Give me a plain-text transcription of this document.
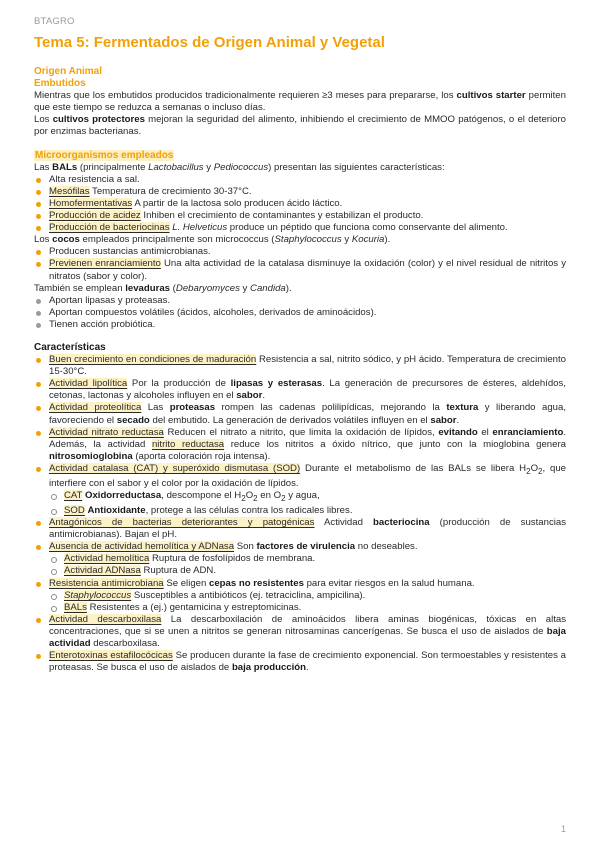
BTAGRO
Tema 5: Fermentados de Origen Animal y Vegetal
Origen Animal
Embutidos

Mientras que los embutidos producidos tradicionalmente requieren ≥3 meses para prepararse, los cultivos starter permiten que este tiempo se reduzca a semanas o incluso días.

Los cultivos protectores mejoran la seguridad del alimento, inhibiendo el crecimiento de MMOO patógenos, o el deterioro por enzimas bacterianas.

Microorganismos empleados

Las BALs (principalmente Lactobacillus y Pediococcus) presentan las siguientes características:

Alta resistencia a sal.
Mesófilas Temperatura de crecimiento 30-37°C.
Homofermentativas A partir de la lactosa solo producen ácido láctico.
Producción de acidez Inhiben el crecimiento de contaminantes y estabilizan el producto.
Producción de bacteriocinas L. Helveticus produce un péptido que funciona como conservante del alimento.

Los cocos empleados principalmente son micrococcus (Staphylococcus y Kocuria).

Producen sustancias antimicrobianas.
Previenen enranciamiento Una alta actividad de la catalasa disminuye la oxidación (color) y el nivel residual de nitritos y nitratos (sabor y color).

También se emplean levaduras (Debaryomyces y Candida).

Aportan lipasas y proteasas.
Aportan compuestos volátiles (ácidos, alcoholes, derivados de aminoácidos).
Tienen acción probiótica.
Características
Buen crecimiento en condiciones de maduración Resistencia a sal, nitrito sódico, y pH ácido. Temperatura de crecimiento 15-30°C.
Actividad lipolítica Por la producción de lipasas y esterasas. La generación de precursores de ésteres, aldehídos, cetonas, lactonas y alcoholes influyen en el sabor.
Actividad proteolítica Las proteasas rompen las cadenas polilipídicas, mejorando la textura y liberando agua, favoreciendo el secado del embutido. La generación de derivados volátiles influyen en el sabor.
Actividad nitrato reductasa Reducen el nitrato a nitrito, que limita la oxidación de lípidos, evitando el enranciamiento. Además, la actividad nitrito reductasa reduce los nitritos a óxido nítrico, que junto con la mioglobina genera nitrosomioglobina (aporta coloración roja intensa).
Actividad catalasa (CAT) y superóxido dismutasa (SOD) Durante el metabolismo de las BALs se libera $H_2O_2$, que interfiere con el sabor y el color por la oxidación de lípidos.
CAT Oxidorreductasa, descompone el $H_2O_2$ en $O_2$ y agua,
SOD Antioxidante, protege a las células contra los radicales libres.
Antagónicos de bacterias deteriorantes y patogénicas Actividad bacteriocina (producción de sustancias antimicrobianas). Bajan el pH.
Ausencia de actividad hemolítica y ADNasa Son factores de virulencia no deseables.
Actividad hemolítica Ruptura de fosfolípidos de membrana.
Actividad ADNasa Ruptura de ADN.
Resistencia antimicrobiana Se eligen cepas no resistentes para evitar riesgos en la salud humana.
Staphylococcus Susceptibles a antibióticos (ej. tetraciclina, ampicilina).
BALs Resistentes a (ej.) gentamicina y estreptomicinas.
Actividad descarboxilasa La descarboxilación de aminoácidos libera aminas biogénicas, tóxicas en altas concentraciones, que si se unen a nitritos se generan nitrosaminas cancerígenas. Se busca el uso de aislados de baja actividad descarboxilasa.
Enterotoxinas estafilocócicas Se producen durante la fase de crecimiento exponencial. Son termoestables y resistentes a proteasas. Se busca el uso de aislados de baja producción.
1
